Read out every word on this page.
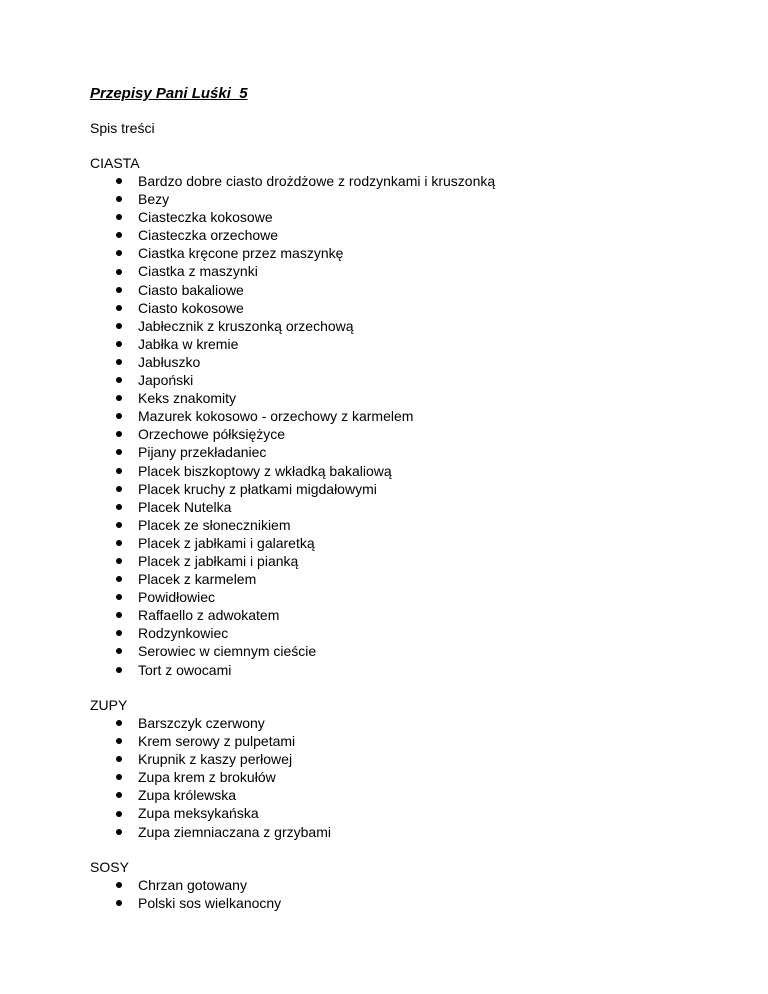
Przepisy Pani Luśki  5

Spis treści

CIASTA

Bardzo dobre ciasto drożdżowe z rodzynkami i kruszonką
Bezy
Ciasteczka kokosowe
Ciasteczka orzechowe
Ciastka kręcone przez maszynkę
Ciastka z maszynki
Ciasto bakaliowe
Ciasto kokosowe
Jabłecznik z kruszonką orzechową
Jabłka w kremie
Jabłuszko
Japoński
Keks znakomity
Mazurek kokosowo - orzechowy z karmelem
Orzechowe półksiężyce
Pijany przekładaniec
Placek biszkoptowy z wkładką bakaliową
Placek kruchy z płatkami migdałowymi
Placek Nutelka
Placek ze słonecznikiem
Placek z jabłkami i galaretką
Placek z jabłkami i pianką
Placek z karmelem
Powidłowiec
Raffaello z adwokatem
Rodzynkowiec
Serowiec w ciemnym cieście
Tort z owocami

ZUPY

Barszczyk czerwony
Krem serowy z pulpetami
Krupnik z kaszy perłowej
Zupa krem z brokułów
Zupa królewska
Zupa meksykańska
Zupa ziemniaczana z grzybami

SOSY

Chrzan gotowany
Polski sos wielkanocny
